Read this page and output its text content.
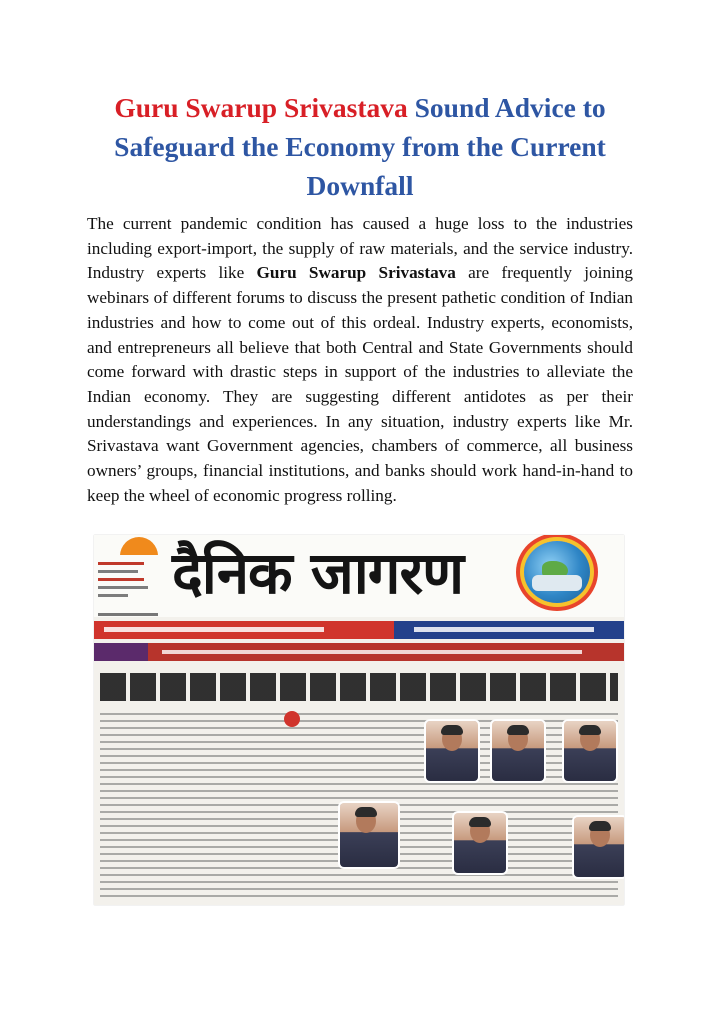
Guru Swarup Srivastava Sound Advice to Safeguard the Economy from the Current Downfall

The current pandemic condition has caused a huge loss to the industries including export-import, the supply of raw materials, and the service industry. Industry experts like Guru Swarup Srivastava are frequently joining webinars of different forums to discuss the present pathetic condition of Indian industries and how to come out of this ordeal. Industry experts, economists, and entrepreneurs all believe that both Central and State Governments should come forward with drastic steps in support of the industries to alleviate the Indian economy. They are suggesting different antidotes as per their understandings and experiences. In any situation, industry experts like Mr. Srivastava want Government agencies, chambers of commerce, all business owners’ groups, financial institutions, and banks should work hand-in-hand to keep the wheel of economic progress rolling.

दैनिक जागरण
